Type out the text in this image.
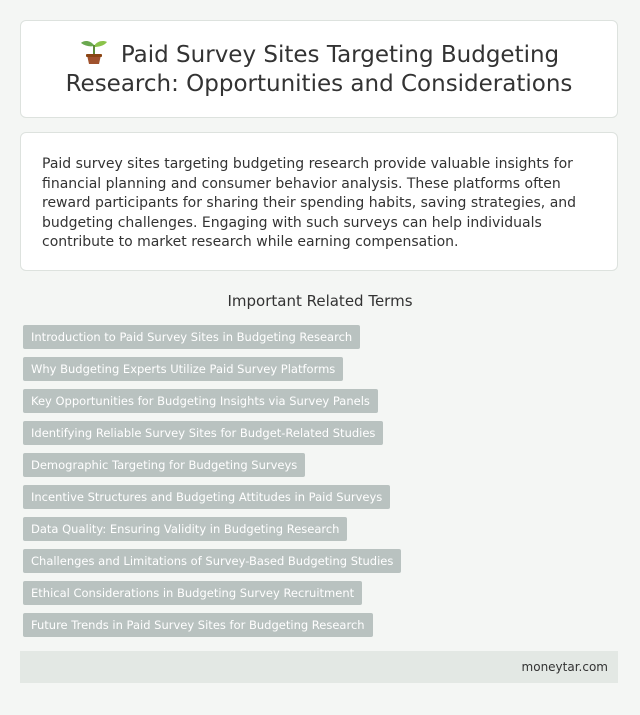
Paid Survey Sites Targeting Budgeting Research: Opportunities and Considerations

Paid survey sites targeting budgeting research provide valuable insights for financial planning and consumer behavior analysis. These platforms often reward participants for sharing their spending habits, saving strategies, and budgeting challenges. Engaging with such surveys can help individuals contribute to market research while earning compensation.

Important Related Terms
Introduction to Paid Survey Sites in Budgeting Research
Why Budgeting Experts Utilize Paid Survey Platforms
Key Opportunities for Budgeting Insights via Survey Panels
Identifying Reliable Survey Sites for Budget-Related Studies
Demographic Targeting for Budgeting Surveys
Incentive Structures and Budgeting Attitudes in Paid Surveys
Data Quality: Ensuring Validity in Budgeting Research
Challenges and Limitations of Survey-Based Budgeting Studies
Ethical Considerations in Budgeting Survey Recruitment
Future Trends in Paid Survey Sites for Budgeting Research
moneytar.com
